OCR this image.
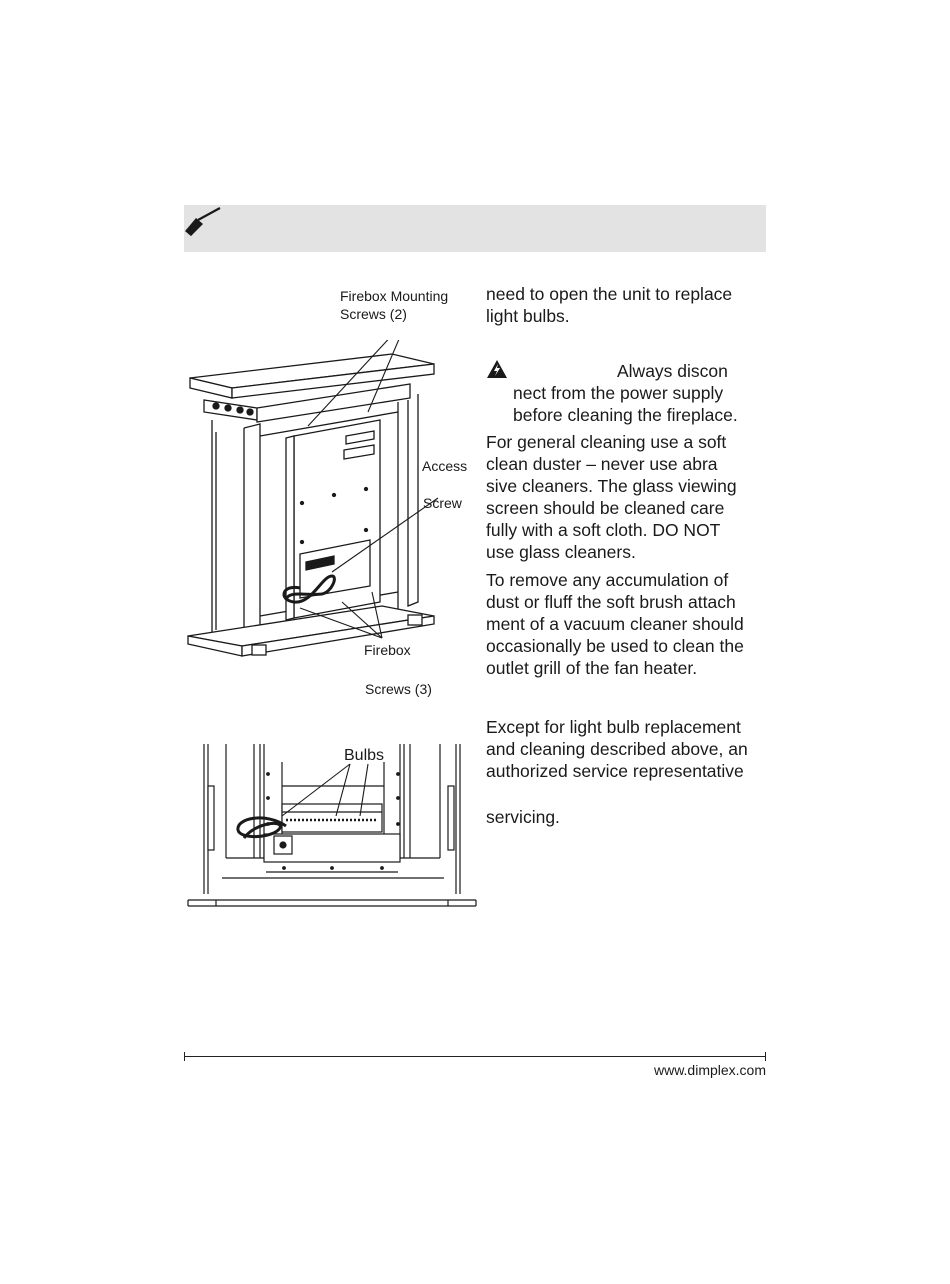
Firebox Mounting
Screws (2)
Access
Screw
Firebox
Screws (3)
Bulbs
need to open the unit to replace
light bulbs.
Always discon
nect from the power supply
before cleaning the fireplace.
For general cleaning use a soft
clean duster – never use abra
sive cleaners. The glass viewing
screen should be cleaned care
fully with a soft cloth. DO NOT
use glass cleaners.
To remove any accumulation of
dust or fluff the soft brush attach
ment of a vacuum cleaner should
occasionally be used to clean the
outlet grill of the fan heater.
Except for light bulb replacement
and cleaning described above, an
authorized service representative
servicing.
www.dimplex.com
